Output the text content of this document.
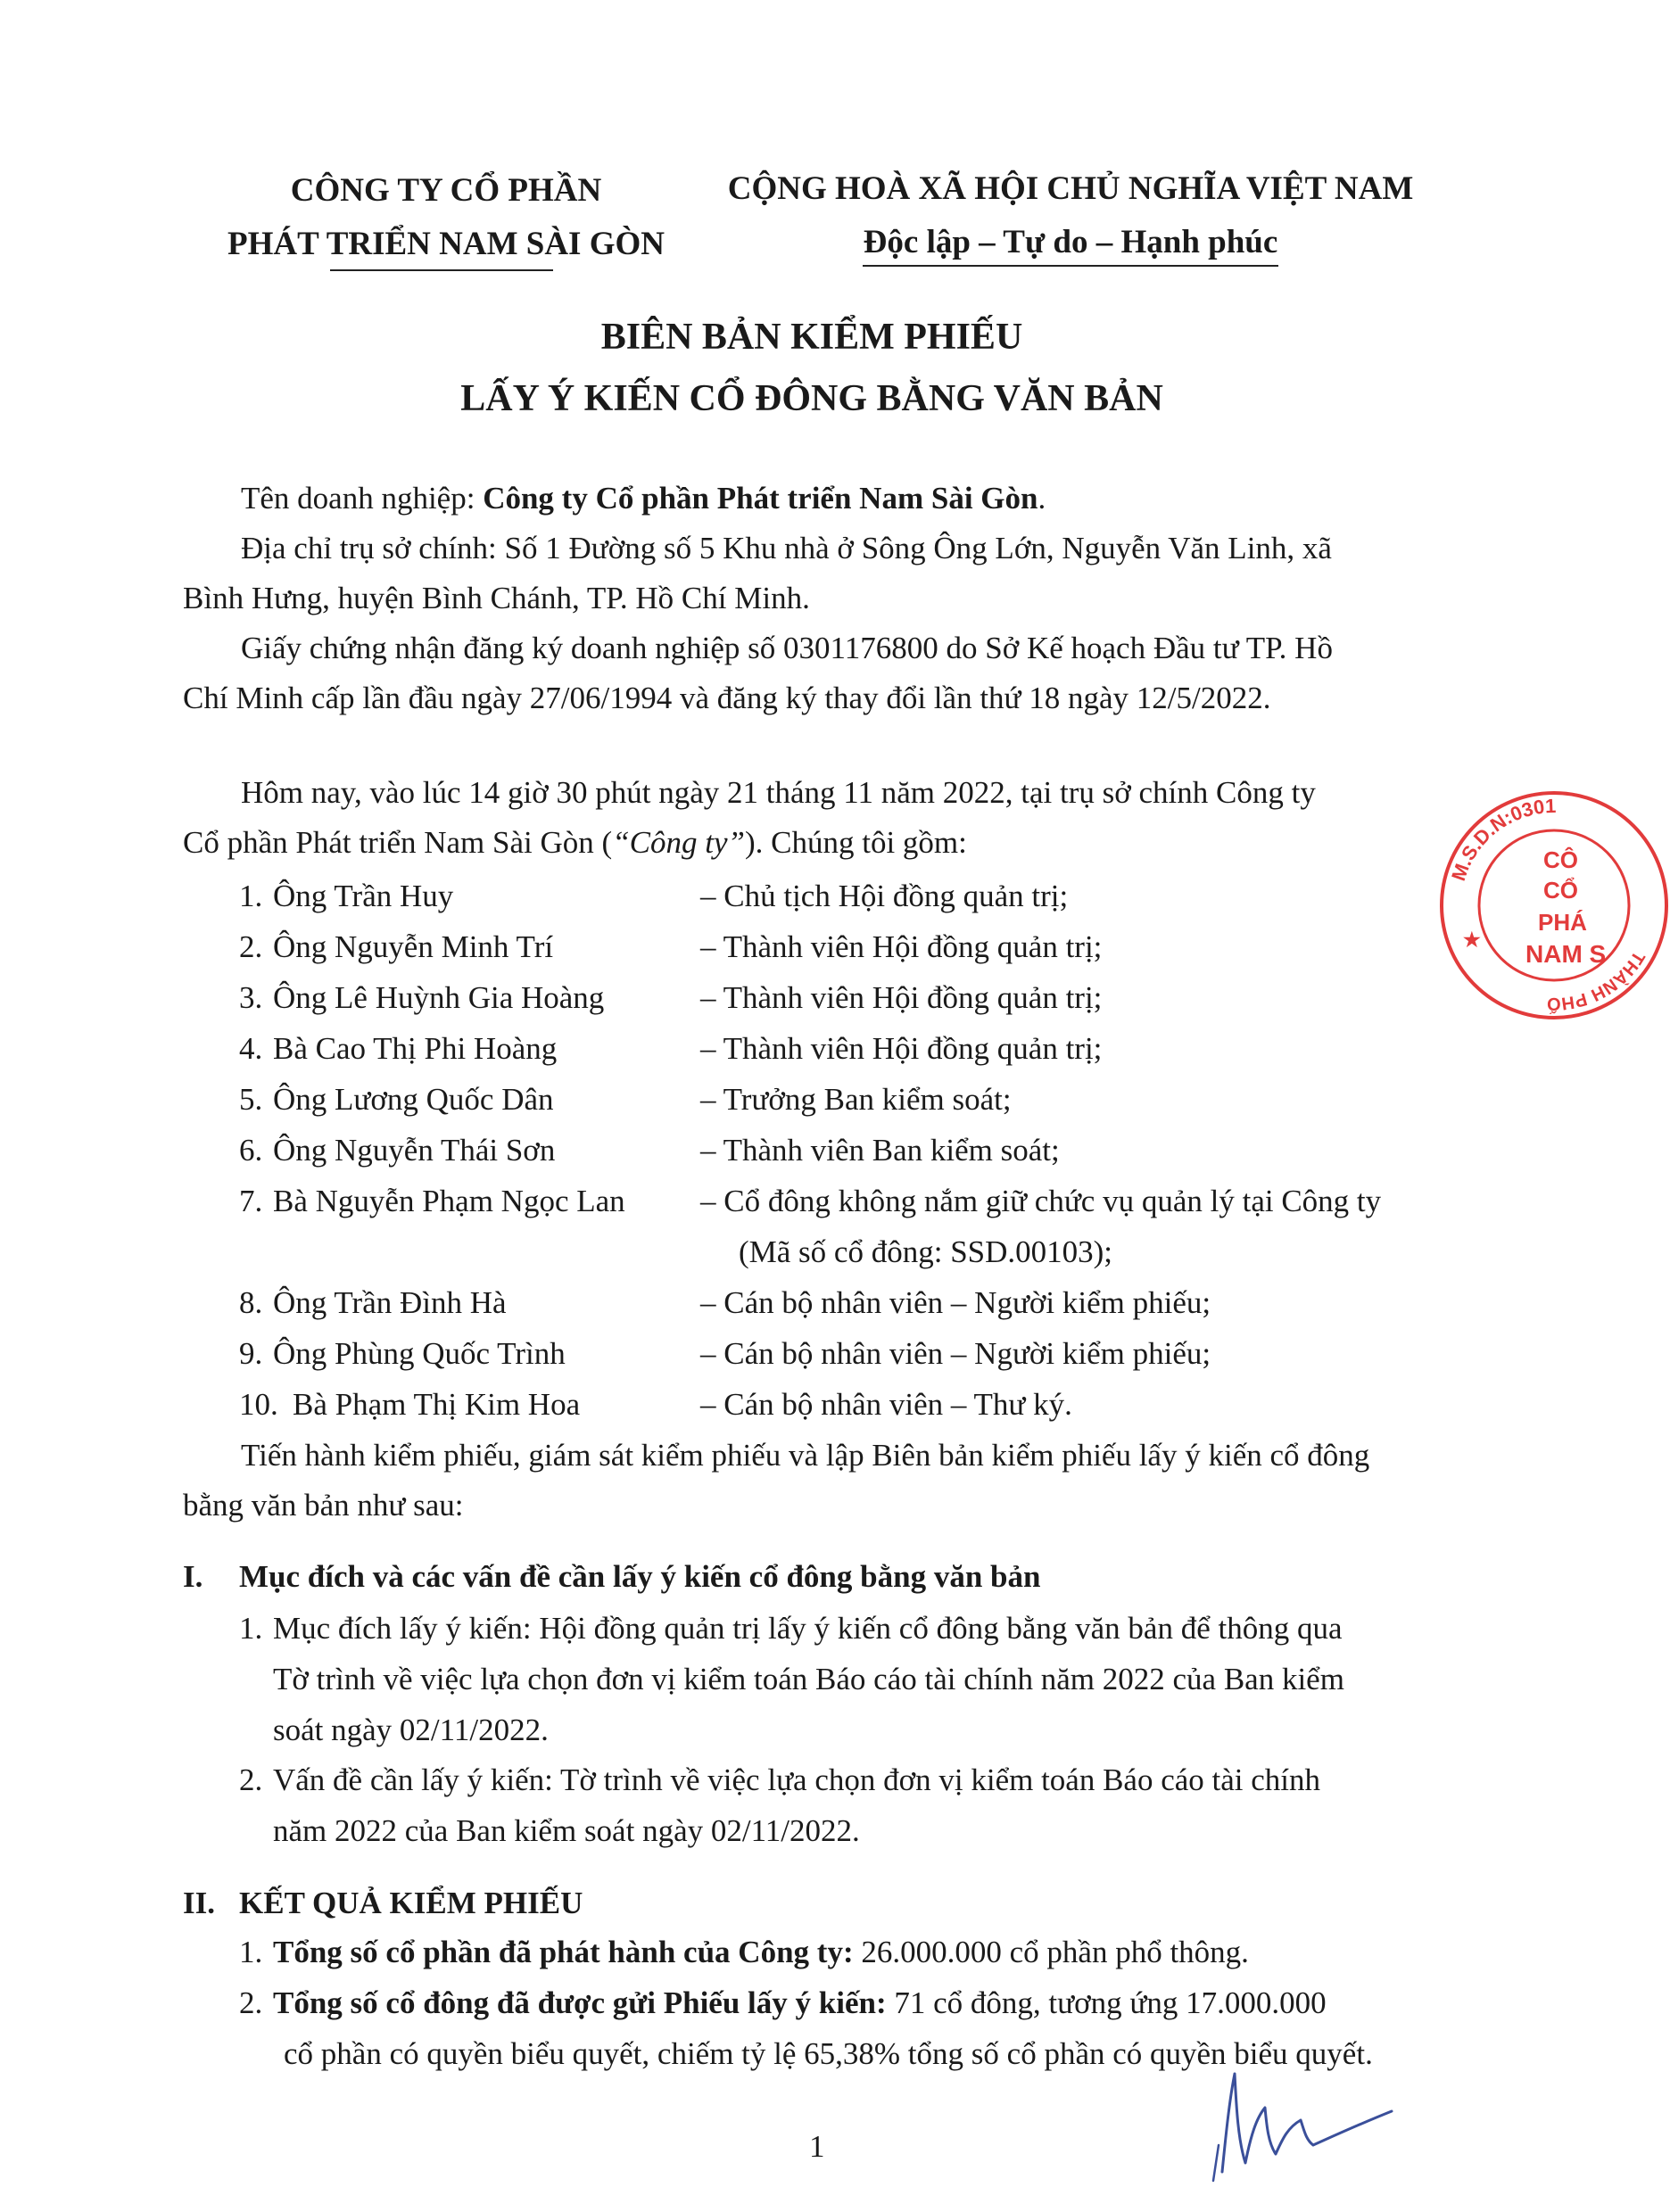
CÔNG TY CỔ PHẦN
PHÁT TRIỂN NAM SÀI GÒN
CỘNG HOÀ XÃ HỘI CHỦ NGHĨA VIỆT NAM
Độc lập – Tự do – Hạnh phúc
BIÊN BẢN KIỂM PHIẾU
LẤY Ý KIẾN CỔ ĐÔNG BẰNG VĂN BẢN
Tên doanh nghiệp: Công ty Cổ phần Phát triển Nam Sài Gòn.
Địa chỉ trụ sở chính: Số 1 Đường số 5 Khu nhà ở Sông Ông Lớn, Nguyễn Văn Linh, xã
Bình Hưng, huyện Bình Chánh, TP. Hồ Chí Minh.
Giấy chứng nhận đăng ký doanh nghiệp số 0301176800 do Sở Kế hoạch Đầu tư TP. Hồ
Chí Minh cấp lần đầu ngày 27/06/1994 và đăng ký thay đổi lần thứ 18 ngày 12/5/2022.
Hôm nay, vào lúc 14 giờ 30 phút ngày 21 tháng 11 năm 2022, tại trụ sở chính Công ty
Cổ phần Phát triển Nam Sài Gòn (“Công ty”). Chúng tôi gồm:
1. Ông Trần Huy	– Chủ tịch Hội đồng quản trị;
2. Ông Nguyễn Minh Trí	– Thành viên Hội đồng quản trị;
3. Ông Lê Huỳnh Gia Hoàng	– Thành viên Hội đồng quản trị;
4. Bà Cao Thị Phi Hoàng	– Thành viên Hội đồng quản trị;
5. Ông Lương Quốc Dân	– Trưởng Ban kiểm soát;
6. Ông Nguyễn Thái Sơn	– Thành viên Ban kiểm soát;
7. Bà Nguyễn Phạm Ngọc Lan – Cổ đông không nắm giữ chức vụ quản lý tại Công ty
(Mã số cổ đông: SSD.00103);
8. Ông Trần Đình Hà	– Cán bộ nhân viên – Người kiểm phiếu;
9. Ông Phùng Quốc Trình	– Cán bộ nhân viên – Người kiểm phiếu;
10. Bà Phạm Thị Kim Hoa	– Cán bộ nhân viên – Thư ký.
Tiến hành kiểm phiếu, giám sát kiểm phiếu và lập Biên bản kiểm phiếu lấy ý kiến cổ đông
bằng văn bản như sau:
I. Mục đích và các vấn đề cần lấy ý kiến cổ đông bằng văn bản
1. Mục đích lấy ý kiến: Hội đồng quản trị lấy ý kiến cổ đông bằng văn bản để thông qua
Tờ trình về việc lựa chọn đơn vị kiểm toán Báo cáo tài chính năm 2022 của Ban kiểm
soát ngày 02/11/2022.
2. Vấn đề cần lấy ý kiến: Tờ trình về việc lựa chọn đơn vị kiểm toán Báo cáo tài chính
năm 2022 của Ban kiểm soát ngày 02/11/2022.
II. KẾT QUẢ KIỂM PHIẾU
1. Tổng số cổ phần đã phát hành của Công ty: 26.000.000 cổ phần phổ thông.
2. Tổng số cổ đông đã được gửi Phiếu lấy ý kiến: 71 cổ đông, tương ứng 17.000.000
cổ phần có quyền biểu quyết, chiếm tỷ lệ 65,38% tổng số cổ phần có quyền biểu quyết.
1
M.S.D.N:0301
THÀNH PHỐ
CÔ
CỔ
PHÁ
NAM S
★
